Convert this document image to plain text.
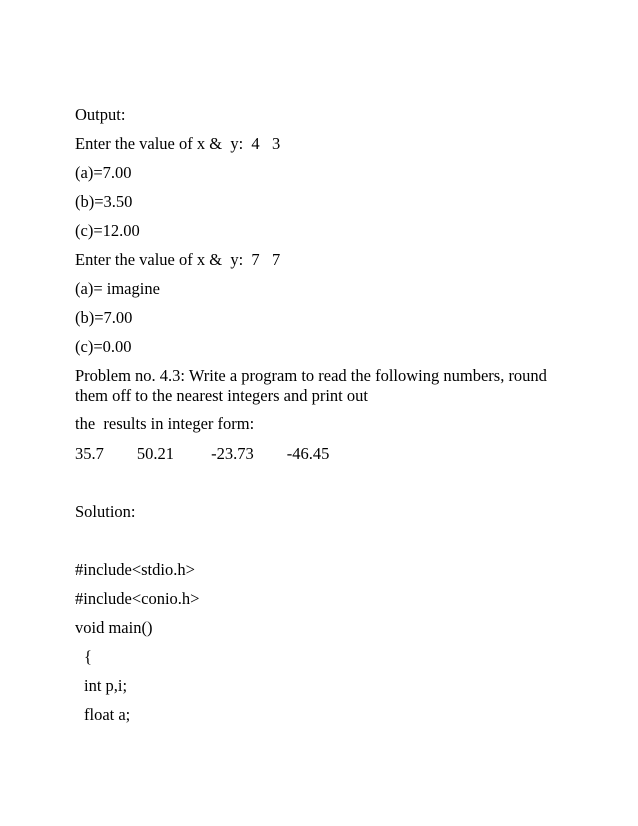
Output:
Enter the value of x &  y:  4   3
(a)=7.00
(b)=3.50
(c)=12.00
Enter the value of x &  y:  7   7
(a)= imagine
(b)=7.00
(c)=0.00
Problem no. 4.3: Write a program to read the following numbers, round them off to the nearest integers and print out
the  results in integer form:
35.7        50.21         -23.73        -46.45
Solution:
#include<stdio.h>
#include<conio.h>
void main()
{
int p,i;
float a;
